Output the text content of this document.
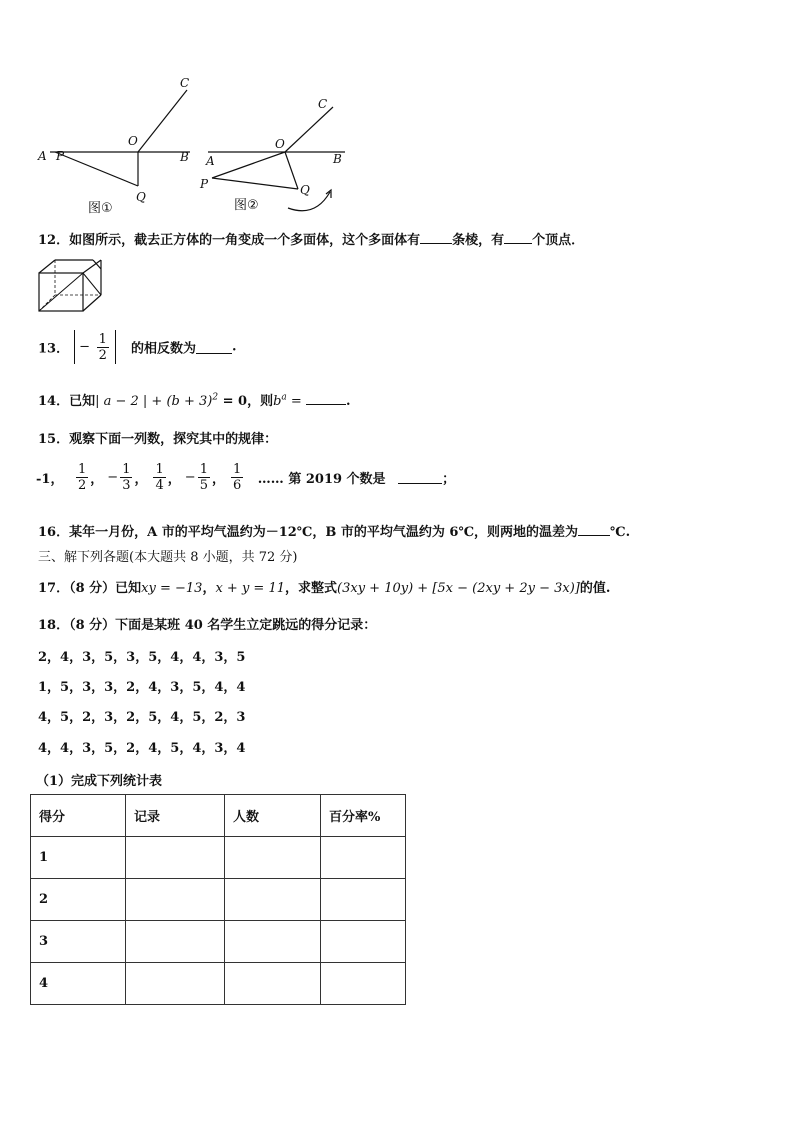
A P
O
B
C
Q
图①
A
P
O
B
C
Q
图②
12．如图所示，截去正方体的一角变成一个多面体，这个多面体有 条棱，有 个顶点．
13． − $\frac{1}{2}$ 的相反数为	.
14．已知| a − 2 | + $(b + 3)^2 = 0$，则$b^a$ =	.
15．观察下面一列数，探究其中的规律：
-1， $\frac{1}{2}$ ， − $\frac{1}{3}$ ， $\frac{1}{4}$ ， − $\frac{1}{5}$ ， $\frac{1}{6}$ …… 第 2019 个数是	；
16．某年一月份，A 市的平均气温约为－12℃，B 市的平均气温约为 6℃，则两地的温差为 ℃.
三、解下列各题(本大题共 8 小题，共 72 分)
17．（8 分）已知xy = −13，x + y = 11，求整式(3xy + 10y) + [5x − (2xy + 2y − 3x)]的值.
18．（8 分）下面是某班 40 名学生立定跳远的得分记录：
2，4，3，5，3，5，4，4，3，5
1，5，3，3，2，4，3，5，4，4
4，5，2，3，2，5，4，5，2，3
4，4，3，5，2，4，5，4，3，4
（1）完成下列统计表
得分	记录	人数	百分率%
1			
2			
3			
4			
